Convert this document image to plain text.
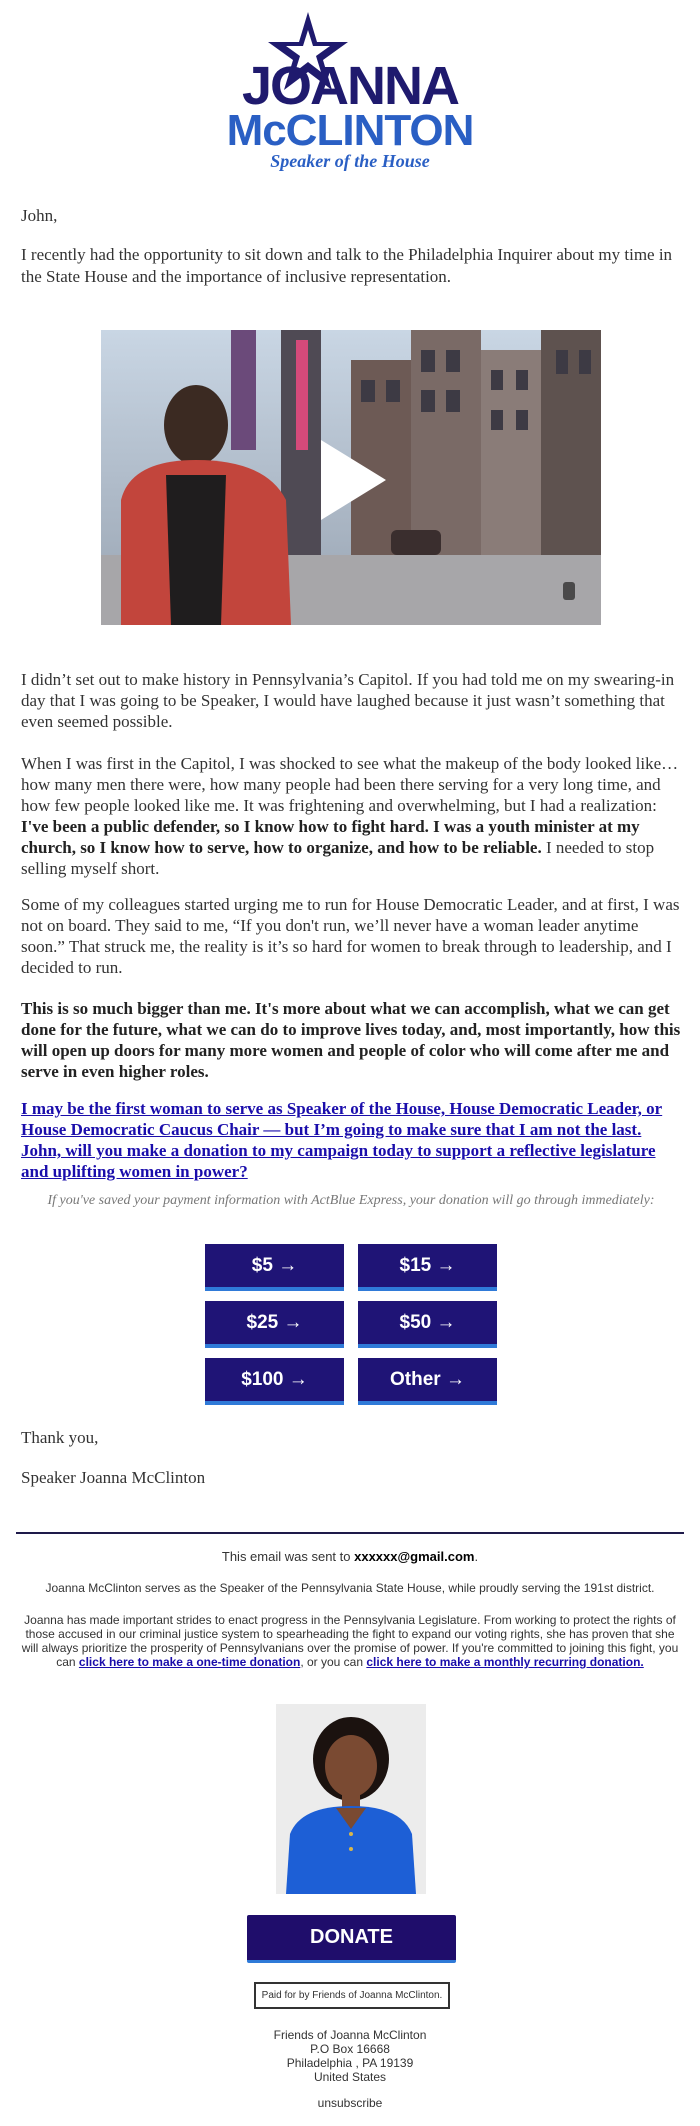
JOANNA
McCLINTON
Speaker of the House
John,
I recently had the opportunity to sit down and talk to the Philadelphia Inquirer about my time in the State House and the importance of inclusive representation.
I didn’t set out to make history in Pennsylvania’s Capitol. If you had told me on my swearing-in day that I was going to be Speaker, I would have laughed because it just wasn’t something that even seemed possible.
When I was first in the Capitol, I was shocked to see what the makeup of the body looked like… how many men there were, how many people had been there serving for a very long time, and how few people looked like me. It was frightening and overwhelming, but I had a realization: I've been a public defender, so I know how to fight hard. I was a youth minister at my church, so I know how to serve, how to organize, and how to be reliable. I needed to stop selling myself short.
Some of my colleagues started urging me to run for House Democratic Leader, and at first, I was not on board. They said to me, “If you don't run, we’ll never have a woman leader anytime soon.” That struck me, the reality is it’s so hard for women to break through to leadership, and I decided to run.
This is so much bigger than me. It's more about what we can accomplish, what we can get done for the future, what we can do to improve lives today, and, most importantly, how this will open up doors for many more women and people of color who will come after me and serve in even higher roles.
I may be the first woman to serve as Speaker of the House, House Democratic Leader, or House Democratic Caucus Chair — but I’m going to make sure that I am not the last. John, will you make a donation to my campaign today to support a reflective legislature and uplifting women in power?
If you've saved your payment information with ActBlue Express, your donation will go through immediately:
$5 →	$15 →
$25 →	$50 →
$100 →	Other →
Thank you,
Speaker Joanna McClinton
This email was sent to xxxxxx@gmail.com.
Joanna McClinton serves as the Speaker of the Pennsylvania State House, while proudly serving the 191st district.
Joanna has made important strides to enact progress in the Pennsylvania Legislature. From working to protect the rights of those accused in our criminal justice system to spearheading the fight to expand our voting rights, she has proven that she will always prioritize the prosperity of Pennsylvanians over the promise of power. If you're committed to joining this fight, you can click here to make a one-time donation, or you can click here to make a monthly recurring donation.
DONATE
Paid for by Friends of Joanna McClinton.
Friends of Joanna McClinton
P.O Box 16668
Philadelphia , PA 19139
United States
unsubscribe
